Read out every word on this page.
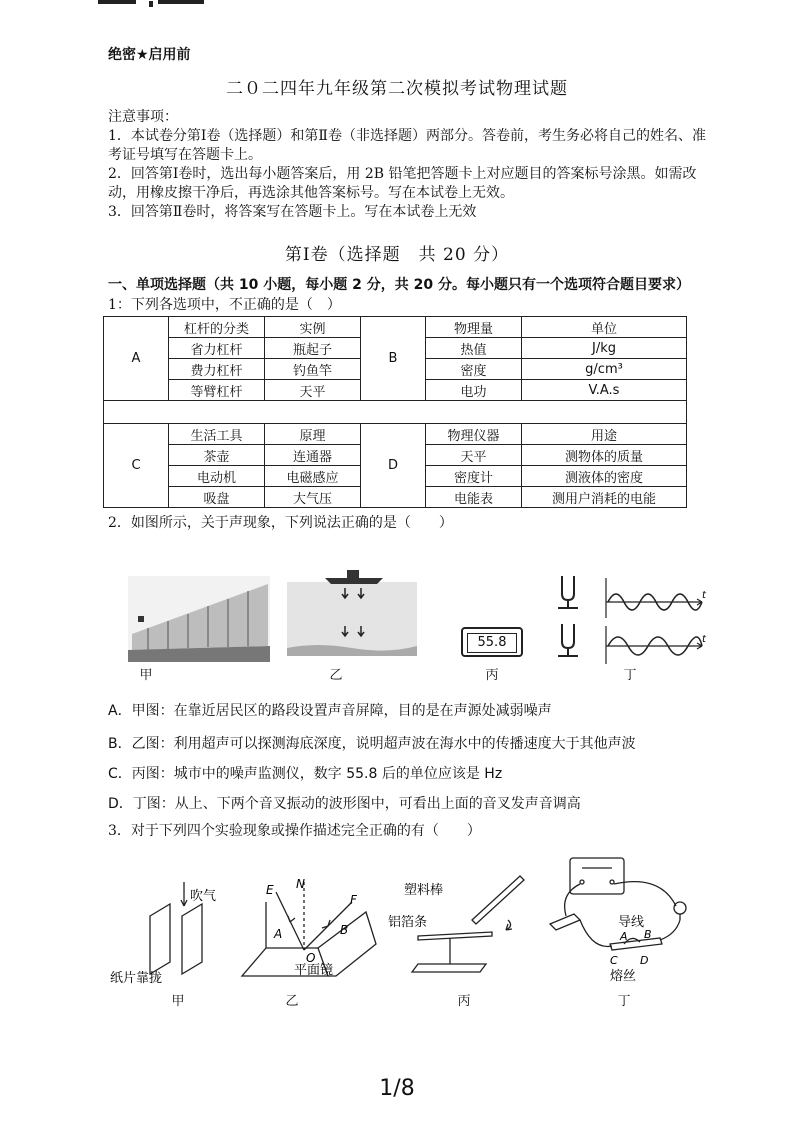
绝密★启用前
二０二四年九年级第二次模拟考试物理试题

注意事项：

1．本试卷分第Ⅰ卷（选择题）和第Ⅱ卷（非选择题）两部分。答卷前，考生务必将自己的姓名、准考证号填写在答题卡上。

2．回答第Ⅰ卷时，选出每小题答案后，用 2B 铅笔把答题卡上对应题目的答案标号涂黑。如需改动，用橡皮擦干净后，再选涂其他答案标号。写在本试卷上无效。

3．回答第Ⅱ卷时，将答案写在答题卡上。写在本试卷上无效

第Ⅰ卷（选择题　共 20 分）
一、单项选择题（共 10 小题，每小题 2 分，共 20 分。每小题只有一个选项符合题目要求）
1：下列各选项中，不正确的是（　）
A	杠杆的分类	实例	B	物理量	单位
	省力杠杆	瓶起子		热值	J/kg
	费力杠杆	钓鱼竿		密度	g/cm³
	等臂杠杆	天平		电功	V.A.s

C	生活工具	原理	D	物理仪器	用途
	茶壶	连通器		天平	测物体的质量
	电动机	电磁感应		密度计	测液体的密度
	吸盘	大气压		电能表	测用户消耗的电能
2．如图所示，关于声现象，下列说法正确的是（　　）
55.8
t
t
甲	乙	丙	丁
A．甲图：在靠近居民区的路段设置声音屏障，目的是在声源处减弱噪声
B．乙图：利用超声可以探测海底深度，说明超声波在海水中的传播速度大于其他声波
C．丙图：城市中的噪声监测仪，数字 55.8 后的单位应该是 Hz
D．丁图：从上、下两个音叉振动的波形图中，可看出上面的音叉发声音调高
3．对于下列四个实验现象或操作描述完全正确的有（　　）
吹气
纸片靠拢
E N
F
A	B
O
平面镜
塑料棒
铝箔条	导线
A B
C D
熔丝
甲	乙	丙	丁
1/8
